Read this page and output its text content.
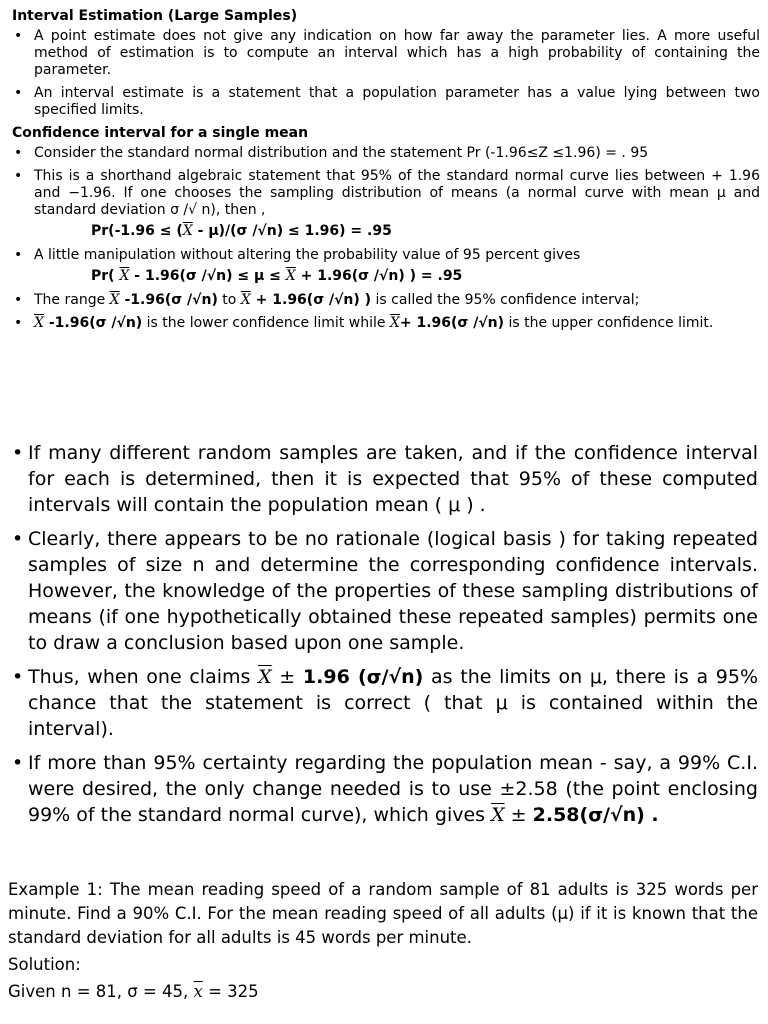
Interval Estimation (Large Samples)
• A point estimate does not give any indication on how far away the parameter lies. A more useful method of estimation is to compute an interval which has a high probability of containing the parameter.
• An interval estimate is a statement that a population parameter has a value lying between two specified limits.
Confidence interval for a single mean
• Consider the standard normal distribution and the statement Pr (-1.96≤Z ≤1.96) = . 95
• This is a shorthand algebraic statement that 95% of the standard normal curve lies between + 1.96 and −1.96. If one chooses the sampling distribution of means (a normal curve with mean μ and standard deviation σ /√ n), then ,
$Pr(-1.96 \le (\overline{X} - \mu)/(\sigma$ /√n) ≤ 1.96) = .95
• A little manipulation without altering the probability value of 95 percent gives
Pr( $\overline{X} - 1.96(\sigma$ $/√n) \le \mu \le \overline{X} + 1.96(\sigma$ /√n) ) = .95
• The range $\overline{X}$ -1.96(σ /√n) to $\overline{X} + 1.96(\sigma$ /√n) ) is called the 95% confidence interval;
• $\overline{X}$ -1.96(σ /√n) is the lower confidence limit while $\overline{X}+ 1.96(\sigma$ /√n) is the upper confidence limit.
• If many different random samples are taken, and if the confidence interval for each is determined, then it is expected that 95% of these computed intervals will contain the population mean ( μ ) .
• Clearly, there appears to be no rationale (logical basis ) for taking repeated samples of size n and determine the corresponding confidence intervals. However, the knowledge of the properties of these sampling distributions of means (if one hypothetically obtained these repeated samples) permits one to draw a conclusion based upon one sample.
• Thus, when one claims $\overline{X} \pm 1.96$ (σ/√n) as the limits on μ, there is a 95% chance that the statement is correct ( that μ is contained within the interval).
• If more than 95% certainty regarding the population mean - say, a 99% C.I. were desired, the only change needed is to use ±2.58 (the point enclosing 99% of the standard normal curve), which gives $\overline{X} \pm 2.58(\sigma/√n)$ .

Example 1: The mean reading speed of a random sample of 81 adults is 325 words per minute. Find a 90% C.I. For the mean reading speed of all adults (μ) if it is known that the standard deviation for all adults is 45 words per minute.

Solution:

Given n = 81, σ = 45, $\overline{x} = 325$
